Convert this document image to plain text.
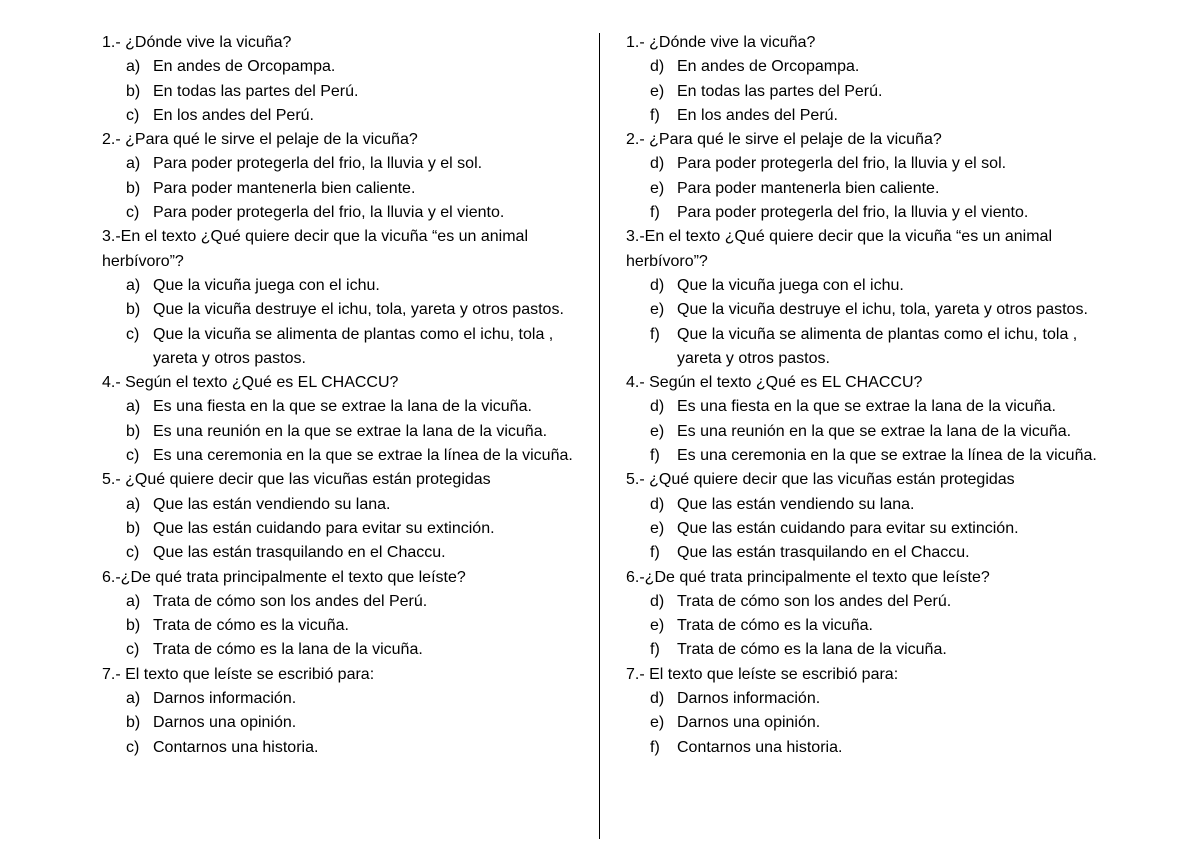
1.- ¿Dónde vive la vicuña?
a) En andes de Orcopampa.
b) En todas las partes del Perú.
c) En los andes del Perú.
2.- ¿Para qué le sirve el pelaje de la vicuña?
a) Para poder protegerla del frio, la lluvia y el sol.
b) Para poder mantenerla bien caliente.
c) Para poder protegerla del frio, la lluvia y el viento.
3.-En el texto ¿Qué quiere decir que la vicuña “es un animal herbívoro”?
a) Que la vicuña juega con el ichu.
b) Que la vicuña destruye el ichu, tola, yareta y otros pastos.
c) Que la vicuña se alimenta de plantas como el ichu, tola , yareta y otros pastos.
4.- Según el texto ¿Qué es EL CHACCU?
a) Es una fiesta en la que se extrae la lana de la vicuña.
b) Es una reunión en la que se extrae la lana de la vicuña.
c) Es una ceremonia en la que se extrae la línea de la vicuña.
5.- ¿Qué quiere decir que las vicuñas están protegidas
a) Que las están vendiendo su lana.
b) Que las están cuidando para evitar su extinción.
c) Que las están trasquilando en el Chaccu.
6.-¿De qué trata principalmente el texto que leíste?
a) Trata de cómo son los andes del Perú.
b) Trata de cómo es la vicuña.
c) Trata de cómo es la lana de la vicuña.
7.- El texto que leíste se escribió para:
a) Darnos información.
b) Darnos una opinión.
c) Contarnos una historia.
1.- ¿Dónde vive la vicuña?
d) En andes de Orcopampa.
e) En todas las partes del Perú.
f) En los andes del Perú.
2.- ¿Para qué le sirve el pelaje de la vicuña?
d) Para poder protegerla del frio, la lluvia y el sol.
e) Para poder mantenerla bien caliente.
f) Para poder protegerla del frio, la lluvia y el viento.
3.-En el texto ¿Qué quiere decir que la vicuña “es un animal herbívoro”?
d) Que la vicuña juega con el ichu.
e) Que la vicuña destruye el ichu, tola, yareta y otros pastos.
f) Que la vicuña se alimenta de plantas como el ichu, tola , yareta y otros pastos.
4.- Según el texto ¿Qué es EL CHACCU?
d) Es una fiesta en la que se extrae la lana de la vicuña.
e) Es una reunión en la que se extrae la lana de la vicuña.
f) Es una ceremonia en la que se extrae la línea de la vicuña.
5.- ¿Qué quiere decir que las vicuñas están protegidas
d) Que las están vendiendo su lana.
e) Que las están cuidando para evitar su extinción.
f) Que las están trasquilando en el Chaccu.
6.-¿De qué trata principalmente el texto que leíste?
d) Trata de cómo son los andes del Perú.
e) Trata de cómo es la vicuña.
f) Trata de cómo es la lana de la vicuña.
7.- El texto que leíste se escribió para:
d) Darnos información.
e) Darnos una opinión.
f) Contarnos una historia.
